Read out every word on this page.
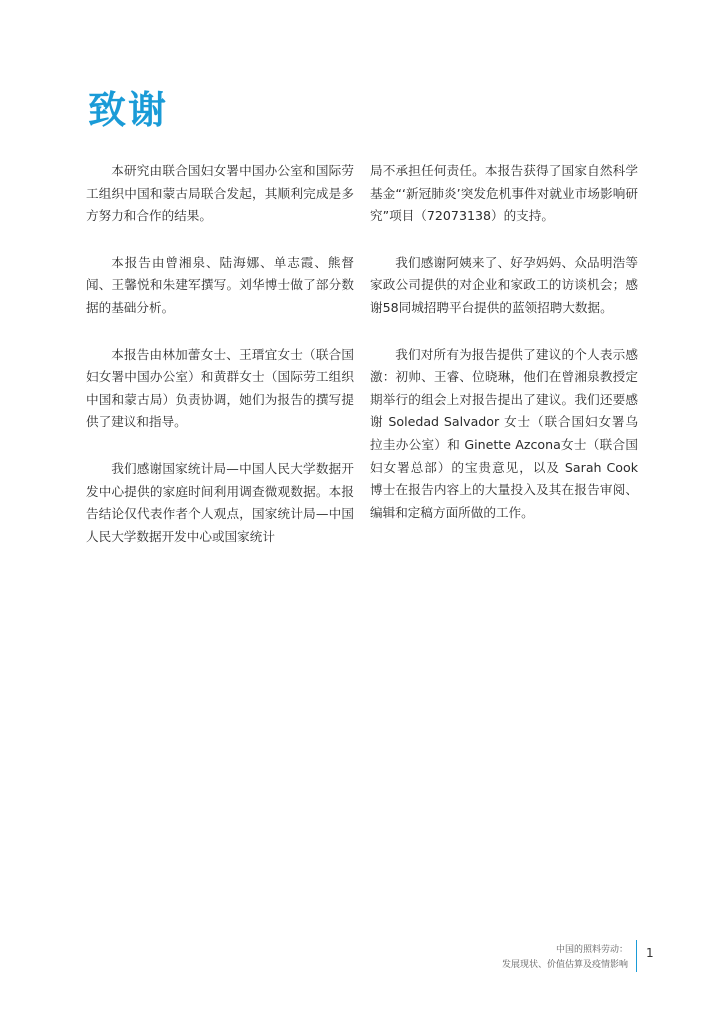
致谢

本研究由联合国妇女署中国办公室和国际劳工组织中国和蒙古局联合发起，其顺利完成是多方努力和合作的结果。

本报告由曾湘泉、陆海娜、单志霞、熊督闻、王馨悦和朱建军撰写。刘华博士做了部分数据的基础分析。

本报告由林加蕾女士、王瑨宜女士（联合国妇女署中国办公室）和黄群女士（国际劳工组织中国和蒙古局）负责协调，她们为报告的撰写提供了建议和指导。

我们感谢国家统计局—中国人民大学数据开发中心提供的家庭时间利用调查微观数据。本报告结论仅代表作者个人观点，国家统计局—中国人民大学数据开发中心或国家统计

局不承担任何责任。本报告获得了国家自然科学基金“‘新冠肺炎’突发危机事件对就业市场影响研究”项目（72073138）的支持。

我们感谢阿姨来了、好孕妈妈、众品明浩等家政公司提供的对企业和家政工的访谈机会；感谢58同城招聘平台提供的蓝领招聘大数据。

我们对所有为报告提供了建议的个人表示感激：初帅、王睿、位晓琳，他们在曾湘泉教授定期举行的组会上对报告提出了建议。我们还要感谢 Soledad Salvador 女士（联合国妇女署乌拉圭办公室）和 Ginette Azcona女士（联合国妇女署总部）的宝贵意见，以及 Sarah Cook 博士在报告内容上的大量投入及其在报告审阅、编辑和定稿方面所做的工作。

中国的照料劳动：
发展现状、价值估算及疫情影响
1
